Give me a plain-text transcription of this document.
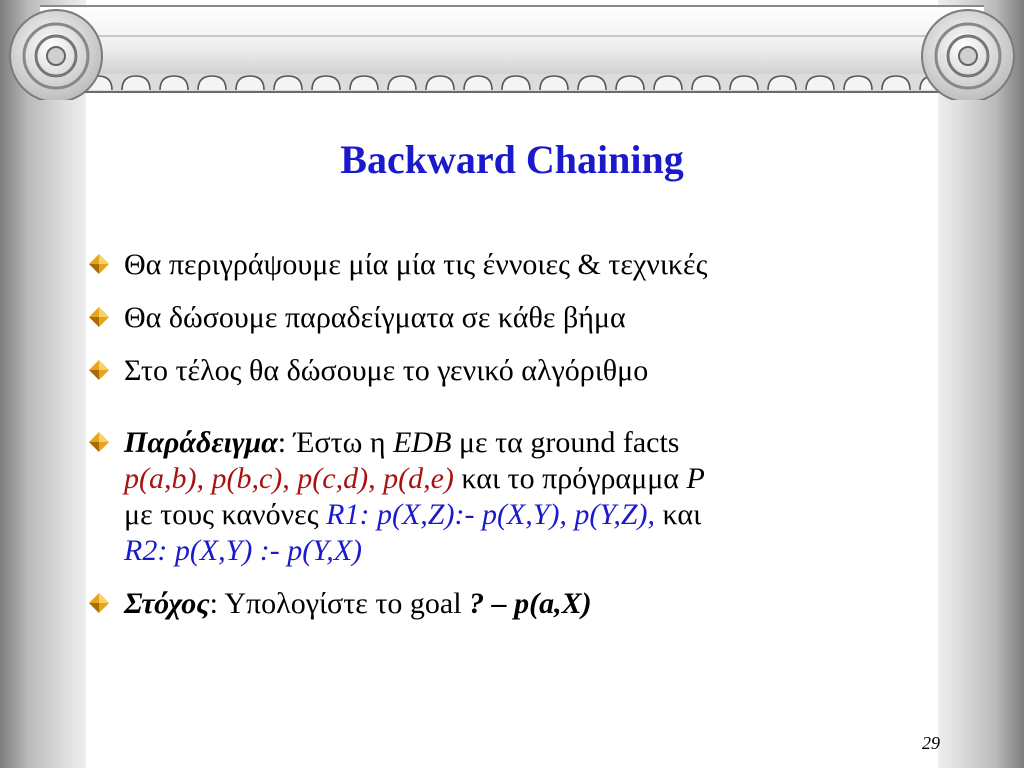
Backward Chaining
Θα περιγράψουμε μία μία τις έννοιες & τεχνικές
Θα δώσουμε παραδείγματα σε κάθε βήμα
Στο τέλος θα δώσουμε το γενικό αλγόριθμο
Παράδειγμα: Έστω η EDB με τα ground facts
p(a,b), p(b,c), p(c,d), p(d,e) και το πρόγραμμα P
με τους κανόνες R1: p(X,Z):- p(X,Y), p(Y,Z), και
R2: p(X,Y) :- p(Y,X)
Στόχος: Υπολογίστε το goal ? – p(a,X)
29
